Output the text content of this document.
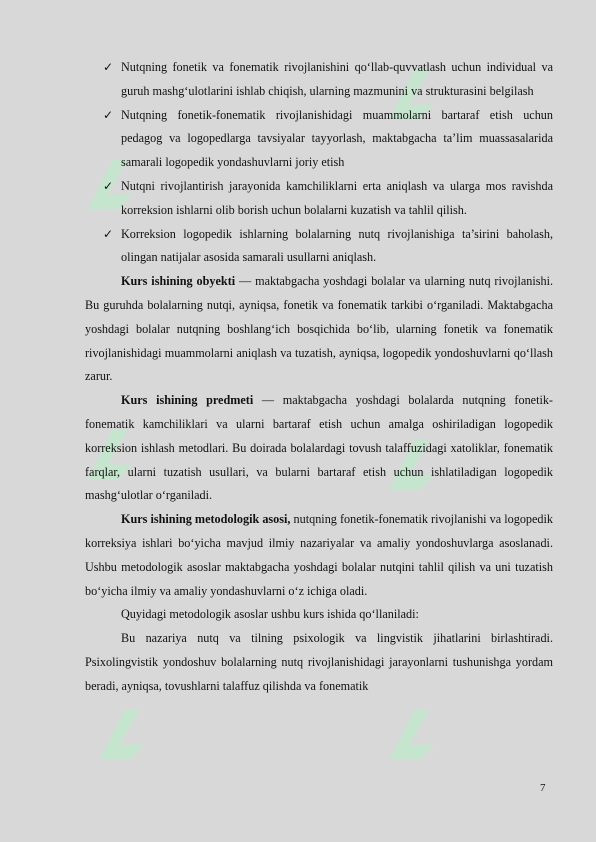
✓ Nutqning fonetik va fonematik rivojlanishini qo‘llab-quvvatlash uchun individual va guruh mashg‘ulotlarini ishlab chiqish, ularning mazmunini va strukturasini belgilash

✓ Nutqning fonetik-fonematik rivojlanishidagi muammolarni bartaraf etish uchun pedagog va logopedlarga tavsiyalar tayyorlash, maktabgacha ta’lim muassasalarida samarali logopedik yondashuvlarni joriy etish

✓ Nutqni rivojlantirish jarayonida kamchiliklarni erta aniqlash va ularga mos ravishda korreksion ishlarni olib borish uchun bolalarni kuzatish va tahlil qilish.

✓ Korreksion logopedik ishlarning bolalarning nutq rivojlanishiga ta’sirini baholash, olingan natijalar asosida samarali usullarni aniqlash.

Kurs ishining obyekti — maktabgacha yoshdagi bolalar va ularning nutq rivojlanishi. Bu guruhda bolalarning nutqi, ayniqsa, fonetik va fonematik tarkibi o‘rganiladi. Maktabgacha yoshdagi bolalar nutqning boshlang‘ich bosqichida bo‘lib, ularning fonetik va fonematik rivojlanishidagi muammolarni aniqlash va tuzatish, ayniqsa, logopedik yondoshuvlarni qo‘llash zarur.

Kurs ishining predmeti — maktabgacha yoshdagi bolalarda nutqning fonetik-fonematik kamchiliklari va ularni bartaraf etish uchun amalga oshiriladigan logopedik korreksion ishlash metodlari. Bu doirada bolalardagi tovush talaffuzidagi xatoliklar, fonematik farqlar, ularni tuzatish usullari, va bularni bartaraf etish uchun ishlatiladigan logopedik mashg‘ulotlar o‘rganiladi.

Kurs ishining metodologik asosi, nutqning fonetik-fonematik rivojlanishi va logopedik korreksiya ishlari bo‘yicha mavjud ilmiy nazariyalar va amaliy yondoshuvlarga asoslanadi. Ushbu metodologik asoslar maktabgacha yoshdagi bolalar nutqini tahlil qilish va uni tuzatish bo‘yicha ilmiy va amaliy yondashuvlarni o‘z ichiga oladi.

Quyidagi metodologik asoslar ushbu kurs ishida qo‘llaniladi:

Bu nazariya nutq va tilning psixologik va lingvistik jihatlarini birlashtiradi. Psixolingvistik yondoshuv bolalarning nutq rivojlanishidagi jarayonlarni tushunishga yordam beradi, ayniqsa, tovushlarni talaffuz qilishda va fonematik

7
